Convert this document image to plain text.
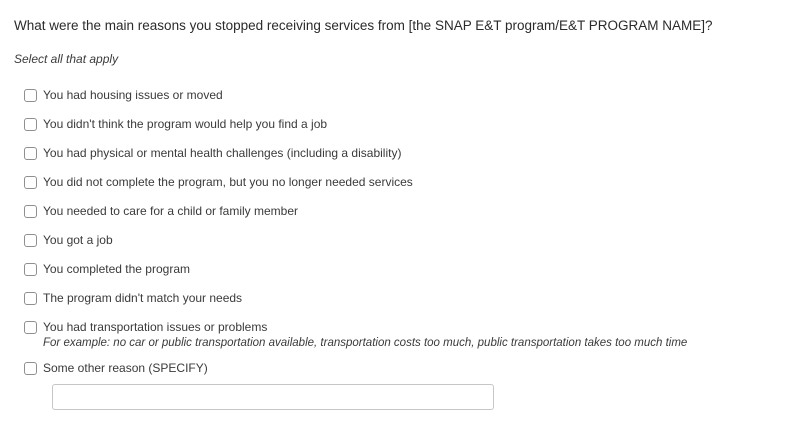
What were the main reasons you stopped receiving services from [the SNAP E&T program/E&T PROGRAM NAME]?
Select all that apply
You had housing issues or moved
You didn't think the program would help you find a job
You had physical or mental health challenges (including a disability)
You did not complete the program, but you no longer needed services
You needed to care for a child or family member
You got a job
You completed the program
The program didn't match your needs
You had transportation issues or problems
For example: no car or public transportation available, transportation costs too much, public transportation takes too much time
Some other reason (SPECIFY)
